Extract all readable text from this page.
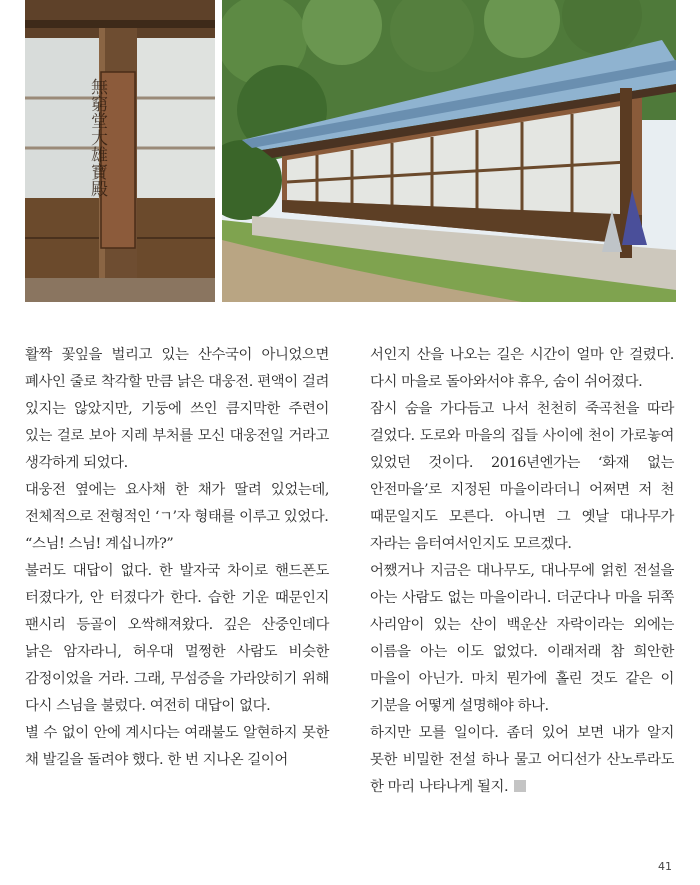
無窮堂大雄寶殿

활짝 꽃잎을 벌리고 있는 산수국이 아니었으면 폐사인 줄로 착각할 만큼 낡은 대웅전. 편액이 걸려 있지는 않았지만, 기둥에 쓰인 큼지막한 주련이 있는 걸로 보아 지레 부처를 모신 대웅전일 거라고 생각하게 되었다.

대웅전 옆에는 요사채 한 채가 딸려 있었는데, 전체적으로 전형적인 ‘ㄱ’자 형태를 이루고 있었다.

“스님! 스님! 계십니까?”

불러도 대답이 없다. 한 발자국 차이로 핸드폰도 터졌다가, 안 터졌다가 한다. 습한 기운 때문인지 팬시리 등골이 오싹해져왔다. 깊은 산중인데다 낡은 암자라니, 허우대 멀쩡한 사람도 비슷한 감정이었을 거라. 그래, 무섬증을 가라앉히기 위해 다시 스님을 불렀다. 여전히 대답이 없다.

별 수 없이 안에 계시다는 여래불도 알현하지 못한 채 발길을 돌려야 했다. 한 번 지나온 길이어

서인지 산을 나오는 길은 시간이 얼마 안 걸렸다. 다시 마을로 돌아와서야 휴우, 숨이 쉬어졌다.

잠시 숨을 가다듬고 나서 천천히 죽곡천을 따라 걸었다. 도로와 마을의 집들 사이에 천이 가로놓여 있었던 것이다. 2016년엔가는 ‘화재 없는 안전마을’로 지정된 마을이라더니 어쩌면 저 천 때문일지도 모른다. 아니면 그 옛날 대나무가 자라는 음터여서인지도 모르겠다.

어쨌거나 지금은 대나무도, 대나무에 얽힌 전설을 아는 사람도 없는 마을이라니. 더군다나 마을 뒤쪽 사리암이 있는 산이 백운산 자락이라는 외에는 이름을 아는 이도 없었다. 이래저래 참 희안한 마을이 아닌가. 마치 뭔가에 홀린 것도 같은 이 기분을 어떻게 설명해야 하나.

하지만 모를 일이다. 좀더 있어 보면 내가 알지 못한 비밀한 전설 하나 물고 어디선가 산노루라도 한 마리 나타나게 될지.

41
